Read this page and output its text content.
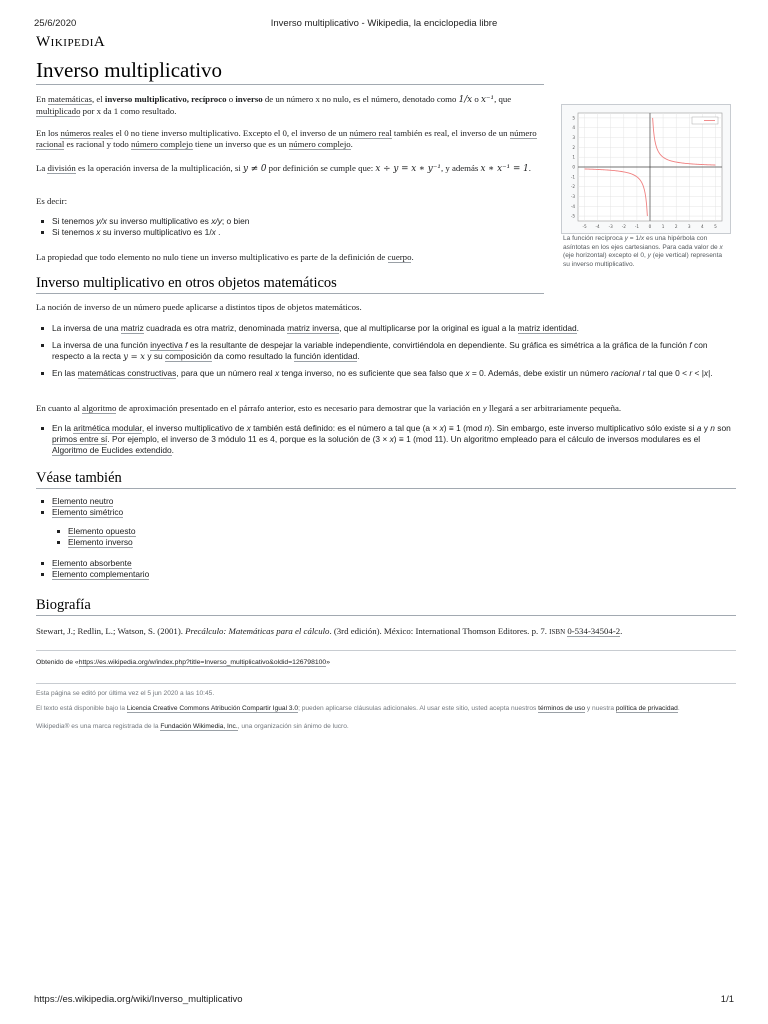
25/6/2020	Inverso multiplicativo - Wikipedia, la enciclopedia libre
WIKIPEDIA
Inverso multiplicativo

En matemáticas, el inverso multiplicativo, recíproco o inverso de un número x no nulo, es el número, denotado como 1/x o x⁻¹, que multiplicado por x da 1 como resultado.

En los números reales el 0 no tiene inverso multiplicativo. Excepto el 0, el inverso de un número real también es real, el inverso de un número racional es racional y todo número complejo tiene un inverso que es un número complejo.

La división es la operación inversa de la multiplicación, si y ≠ 0 por definición se cumple que: x ÷ y = x ∗ y⁻¹, y además x ∗ x⁻¹ = 1.

Es decir:

Si tenemos y/x su inverso multiplicativo es x/y; o bien
Si tenemos x su inverso multiplicativo es 1/x .

La propiedad que todo elemento no nulo tiene un inverso multiplicativo es parte de la definición de cuerpo.

-5 -4 -3 -2 -1 0 1 2 3 4 5
5
4
3
2
1
0
-1
-2
-3
-4
-5
La función recíproca y = 1/x es una hipérbola con asíntotas en los ejes cartesianos. Para cada valor de x (eje horizontal) excepto el 0, y (eje vertical) representa su inverso multiplicativo.
Inverso multiplicativo en otros objetos matemáticos

La noción de inverso de un número puede aplicarse a distintos tipos de objetos matemáticos.

La inversa de una matriz cuadrada es otra matriz, denominada matriz inversa, que al multiplicarse por la original es igual a la matriz identidad.
La inversa de una función inyectiva f es la resultante de despejar la variable independiente, convirtiéndola en dependiente. Su gráfica es simétrica a la gráfica de la función f con respecto a la recta y = x y su composición da como resultado la función identidad.
En las matemáticas constructivas, para que un número real x tenga inverso, no es suficiente que sea falso que x = 0. Además, debe existir un número racional r tal que 0 < r < |x|.

En cuanto al algoritmo de aproximación presentado en el párrafo anterior, esto es necesario para demostrar que la variación en y llegará a ser arbitrariamente pequeña.

En la aritmética modular, el inverso multiplicativo de x también está definido: es el número a tal que (a × x) ≡ 1 (mod n). Sin embargo, este inverso multiplicativo sólo existe si a y n son primos entre sí. Por ejemplo, el inverso de 3 módulo 11 es 4, porque es la solución de (3 × x) ≡ 1 (mod 11). Un algoritmo empleado para el cálculo de inversos modulares es el Algoritmo de Euclides extendido.
Véase también
Elemento neutro
Elemento simétrico
Elemento opuesto
Elemento inverso
Elemento absorbente
Elemento complementario
Biografía

Stewart, J.; Redlin, L.; Watson, S. (2001). Precálculo: Matemáticas para el cálculo. (3rd edición). México: International Thomson Editores. p. 7. ISBN 0-534-34504-2.

Obtenido de «https://es.wikipedia.org/w/index.php?title=Inverso_multiplicativo&oldid=126798100»

Esta página se editó por última vez el 5 jun 2020 a las 10:45.
El texto está disponible bajo la Licencia Creative Commons Atribución Compartir Igual 3.0; pueden aplicarse cláusulas adicionales. Al usar este sitio, usted acepta nuestros términos de uso y nuestra política de privacidad.
Wikipedia® es una marca registrada de la Fundación Wikimedia, Inc., una organización sin ánimo de lucro.
https://es.wikipedia.org/wiki/Inverso_multiplicativo	1/1
